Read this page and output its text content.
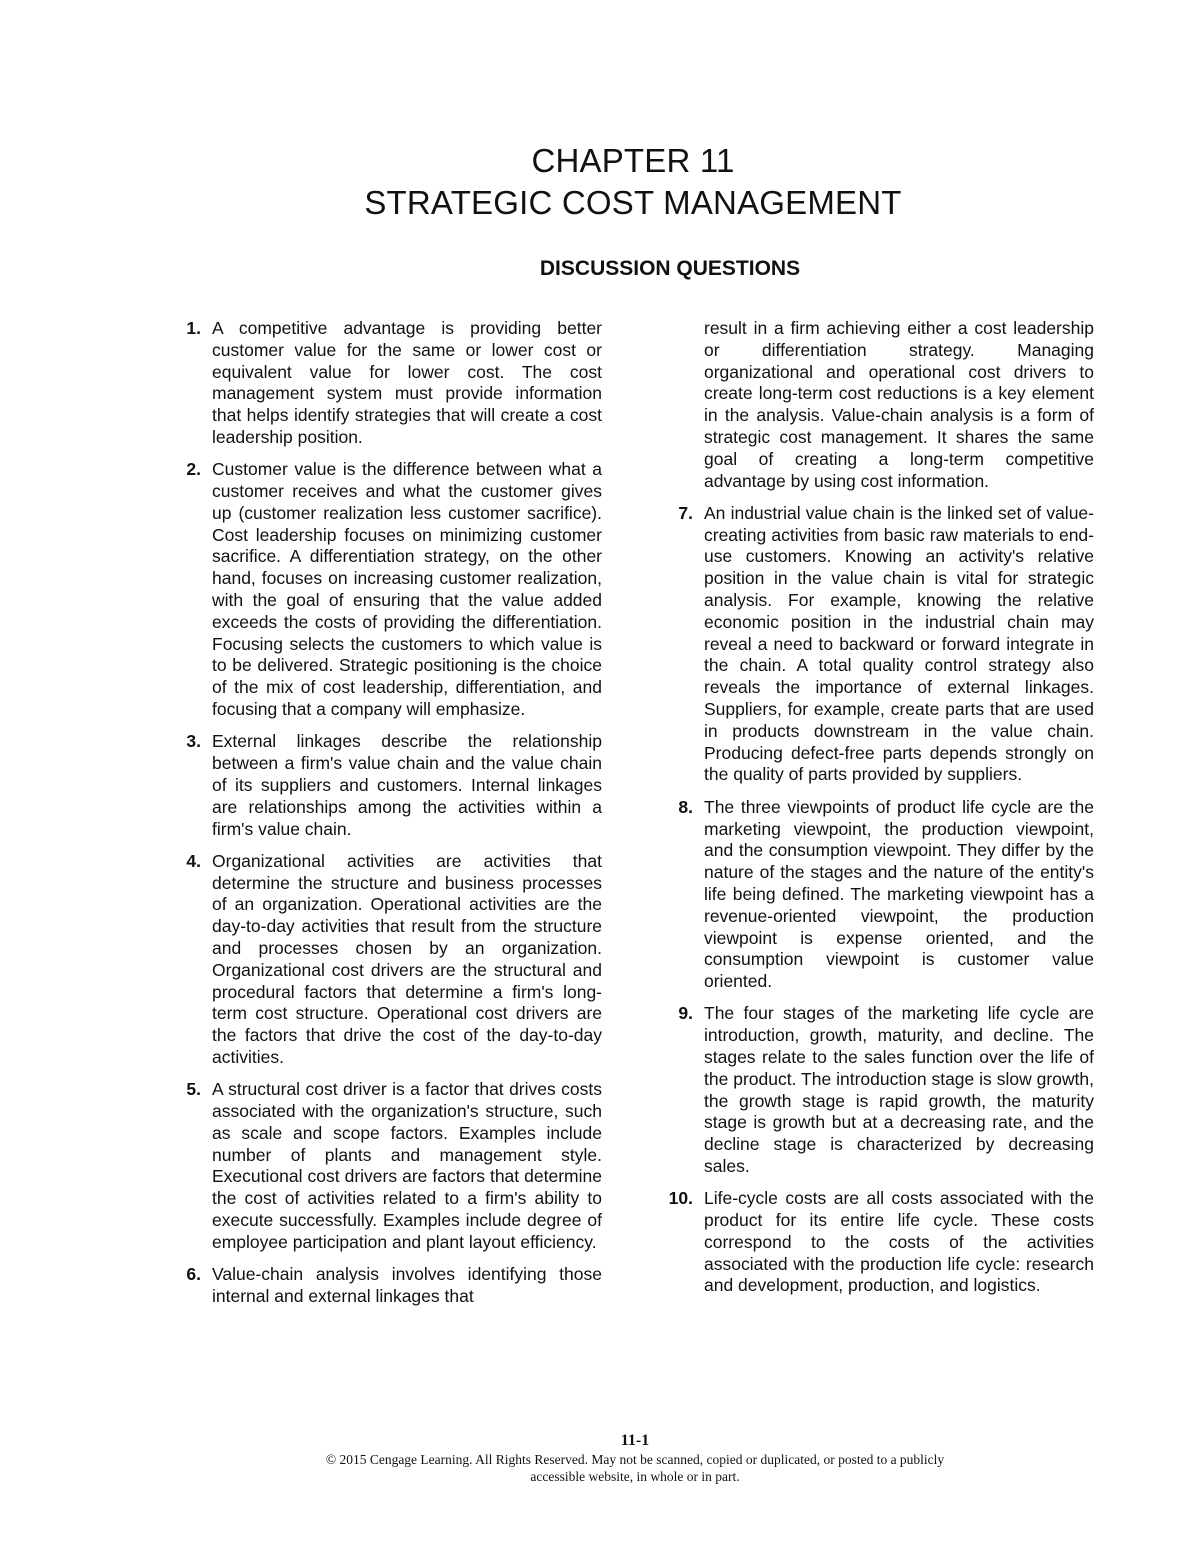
CHAPTER 11
STRATEGIC COST MANAGEMENT
DISCUSSION QUESTIONS
1. A competitive advantage is providing better customer value for the same or lower cost or equivalent value for lower cost. The cost management system must provide information that helps identify strategies that will create a cost leadership position.

2. Customer value is the difference between what a customer receives and what the customer gives up (customer realization less customer sacrifice). Cost leadership focuses on minimizing customer sacrifice. A differentiation strategy, on the other hand, focuses on increasing customer realization, with the goal of ensuring that the value added exceeds the costs of providing the differentiation. Focusing selects the customers to which value is to be delivered. Strategic positioning is the choice of the mix of cost leadership, differentiation, and focusing that a company will emphasize.

3. External linkages describe the relationship between a firm's value chain and the value chain of its suppliers and customers. Internal linkages are relationships among the activities within a firm's value chain.

4. Organizational activities are activities that determine the structure and business processes of an organization. Operational activities are the day-to-day activities that result from the structure and processes chosen by an organization. Organizational cost drivers are the structural and procedural factors that determine a firm's long-term cost structure. Operational cost drivers are the factors that drive the cost of the day-to-day activities.

5. A structural cost driver is a factor that drives costs associated with the organization's structure, such as scale and scope factors. Examples include number of plants and management style. Executional cost drivers are factors that determine the cost of activities related to a firm's ability to execute successfully. Examples include degree of employee participation and plant layout efficiency.

6. Value-chain analysis involves identifying those internal and external linkages that

result in a firm achieving either a cost leadership or differentiation strategy. Managing organizational and operational cost drivers to create long-term cost reductions is a key element in the analysis. Value-chain analysis is a form of strategic cost management. It shares the same goal of creating a long-term competitive advantage by using cost information.

7. An industrial value chain is the linked set of value-creating activities from basic raw materials to end-use customers. Knowing an activity's relative position in the value chain is vital for strategic analysis. For example, knowing the relative economic position in the industrial chain may reveal a need to backward or forward integrate in the chain. A total quality control strategy also reveals the importance of external linkages. Suppliers, for example, create parts that are used in products downstream in the value chain. Producing defect-free parts depends strongly on the quality of parts provided by suppliers.

8. The three viewpoints of product life cycle are the marketing viewpoint, the production viewpoint, and the consumption viewpoint. They differ by the nature of the stages and the nature of the entity's life being defined. The marketing viewpoint has a revenue-oriented viewpoint, the production viewpoint is expense oriented, and the consumption viewpoint is customer value oriented.

9. The four stages of the marketing life cycle are introduction, growth, maturity, and decline. The stages relate to the sales function over the life of the product. The introduction stage is slow growth, the growth stage is rapid growth, the maturity stage is growth but at a decreasing rate, and the decline stage is characterized by decreasing sales.

10. Life-cycle costs are all costs associated with the product for its entire life cycle. These costs correspond to the costs of the activities associated with the production life cycle: research and development, production, and logistics.

11-1
© 2015 Cengage Learning. All Rights Reserved. May not be scanned, copied or duplicated, or posted to a publicly
accessible website, in whole or in part.
